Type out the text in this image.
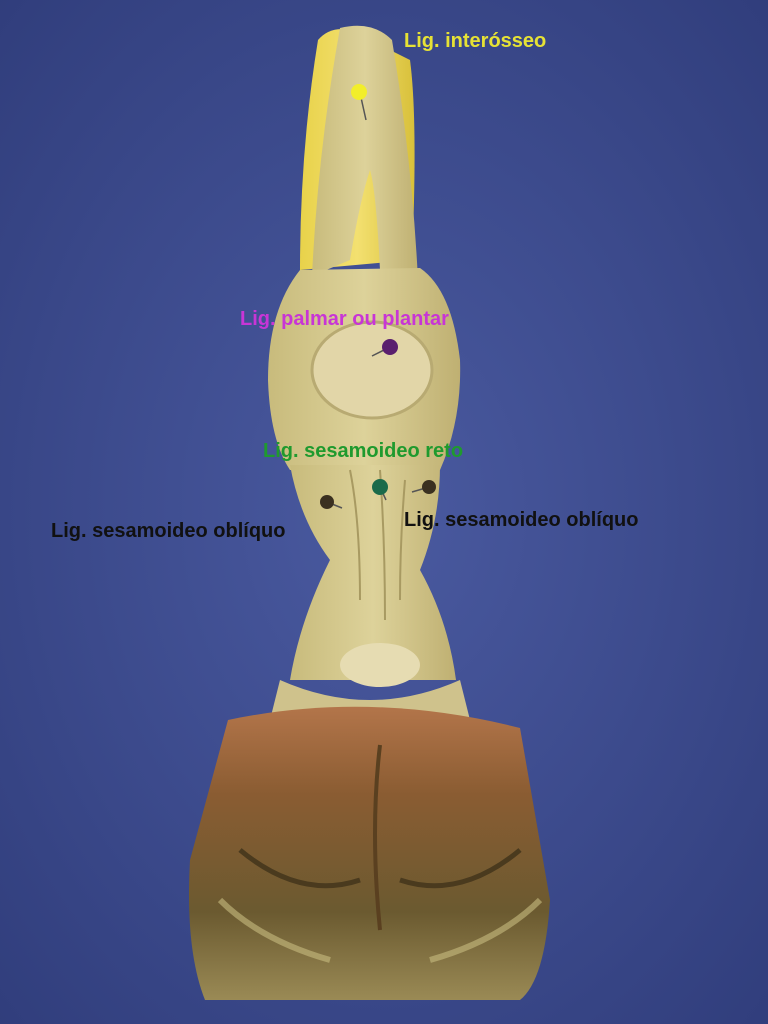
Lig. interósseo
Lig. palmar ou plantar
Lig. sesamoideo reto
Lig. sesamoideo oblíquo	Lig. sesamoideo oblíquo
